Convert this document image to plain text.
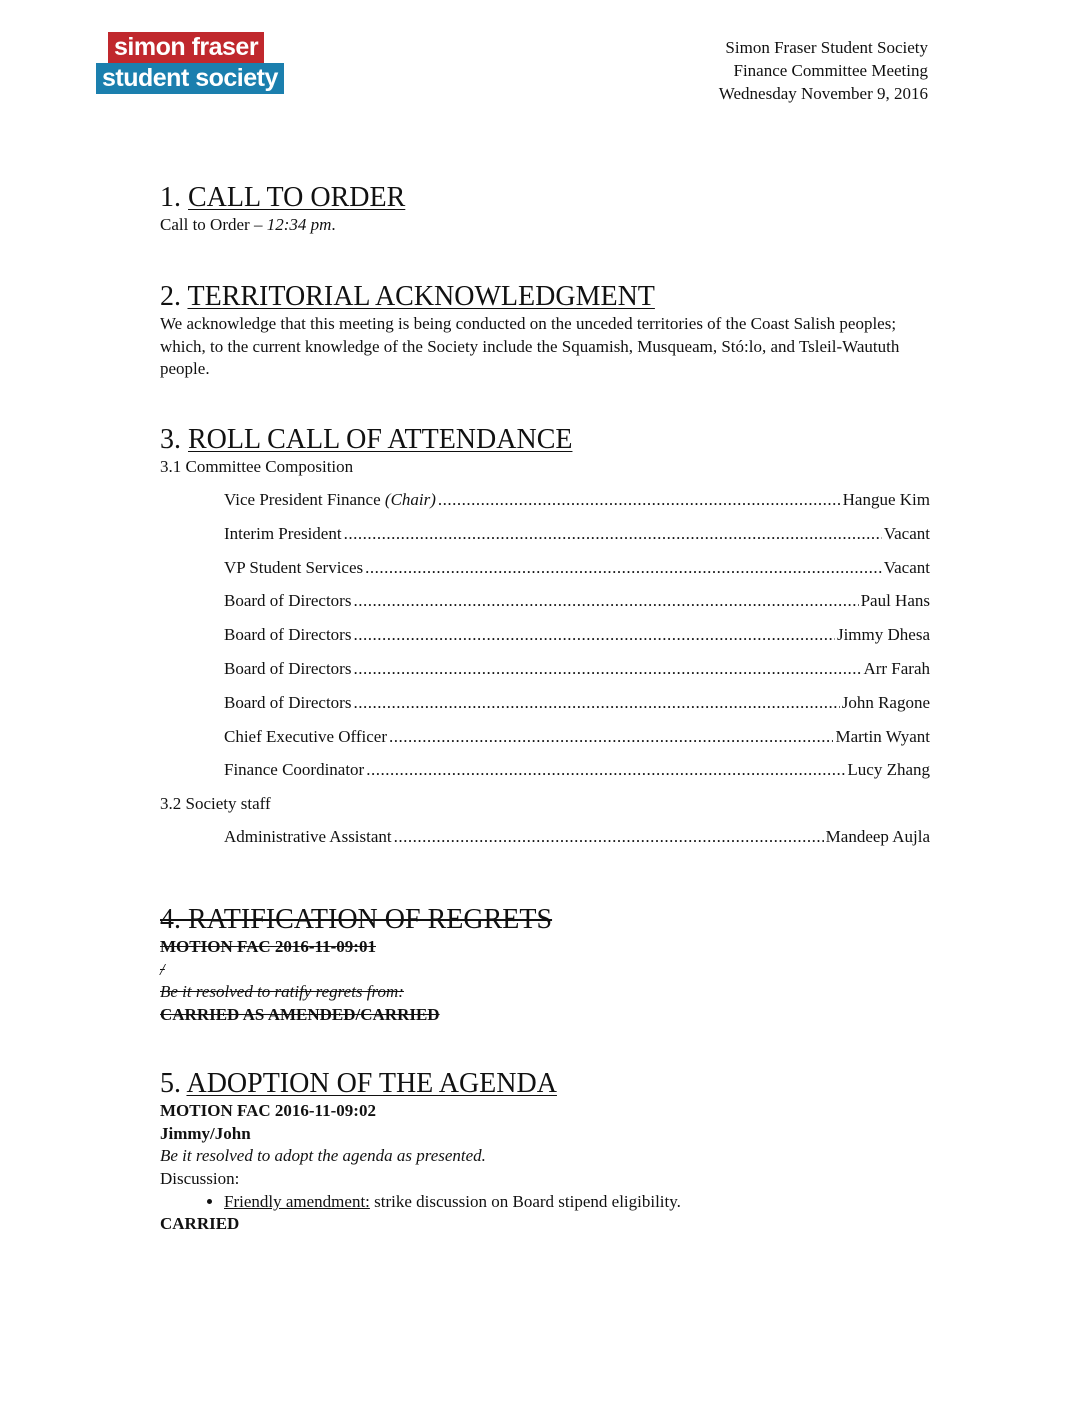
simon fraser
student society
Simon Fraser Student Society
Finance Committee Meeting
Wednesday November 9, 2016
1. CALL TO ORDER

Call to Order – 12:34 pm.

2. TERRITORIAL ACKNOWLEDGMENT

We acknowledge that this meeting is being conducted on the unceded territories of the Coast Salish peoples; which, to the current knowledge of the Society include the Squamish, Musqueam, Stó:lo, and Tsleil-Waututh people.

3. ROLL CALL OF ATTENDANCE
3.1 Committee Composition
Vice President Finance (Chair) .....	Hangue Kim
Interim President .....	Vacant
VP Student Services .....	Vacant
Board of Directors .....	Paul Hans
Board of Directors .....	Jimmy Dhesa
Board of Directors .....	Arr Farah
Board of Directors .....	John Ragone
Chief Executive Officer .....	Martin Wyant
Finance Coordinator .....	Lucy Zhang
3.2 Society staff
Administrative Assistant .....	Mandeep Aujla
4. RATIFICATION OF REGRETS
MOTION FAC 2016-11-09:01
/
Be it resolved to ratify regrets from:
CARRIED AS AMENDED/CARRIED
5. ADOPTION OF THE AGENDA
MOTION FAC 2016-11-09:02
Jimmy/John
Be it resolved to adopt the agenda as presented.
Discussion:
• Friendly amendment: strike discussion on Board stipend eligibility.
CARRIED
